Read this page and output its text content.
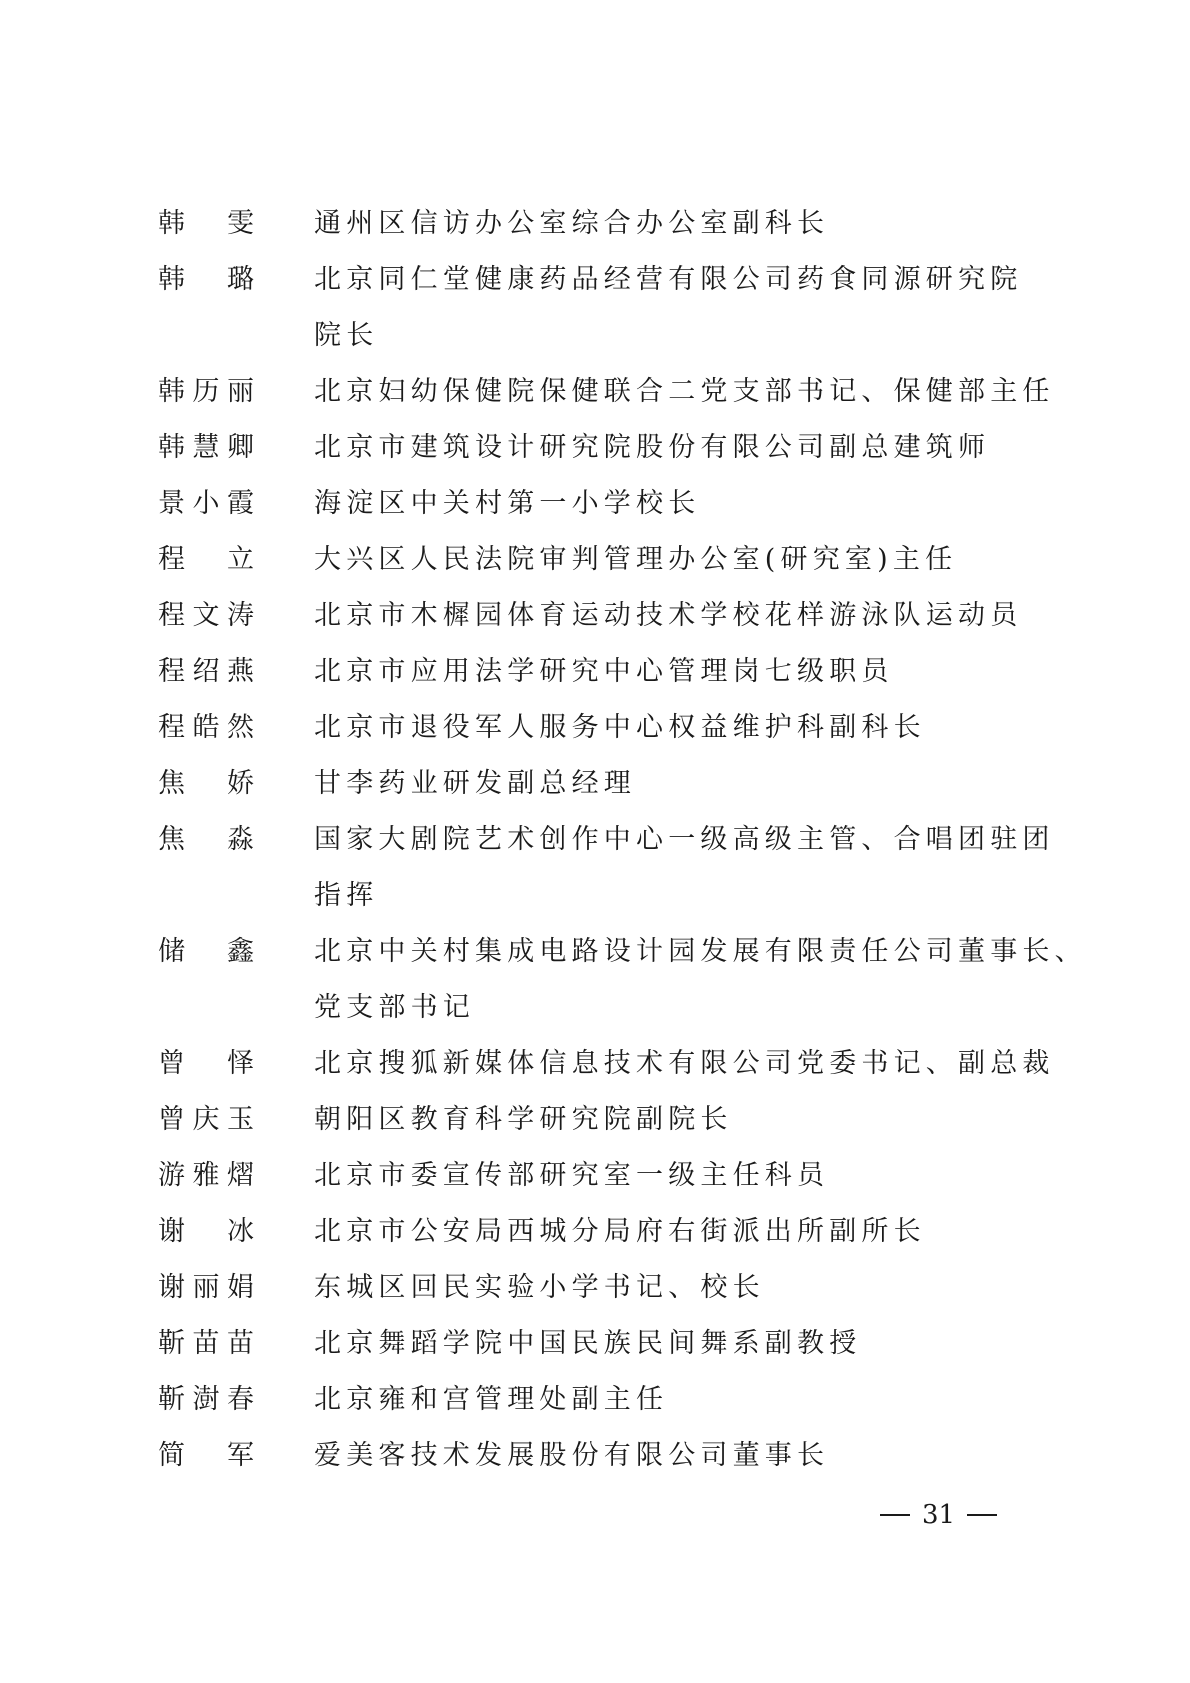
韩 雯 通州区信访办公室综合办公室副科长
韩 璐 北京同仁堂健康药品经营有限公司药食同源研究院
院长
韩 历 丽 北京妇幼保健院保健联合二党支部书记、保健部主任
韩 慧 卿 北京市建筑设计研究院股份有限公司副总建筑师
景 小 霞 海淀区中关村第一小学校长
程 立 大兴区人民法院审判管理办公室(研究室)主任
程 文 涛 北京市木樨园体育运动技术学校花样游泳队运动员
程 绍 燕 北京市应用法学研究中心管理岗七级职员
程 皓 然 北京市退役军人服务中心权益维护科副科长
焦 娇 甘李药业研发副总经理
焦 淼 国家大剧院艺术创作中心一级高级主管、合唱团驻团
指挥
储 鑫 北京中关村集成电路设计园发展有限责任公司董事长、
党支部书记
曾 怿 北京搜狐新媒体信息技术有限公司党委书记、副总裁
曾 庆 玉 朝阳区教育科学研究院副院长
游 雅 熠 北京市委宣传部研究室一级主任科员
谢 冰 北京市公安局西城分局府右街派出所副所长
谢 丽 娟 东城区回民实验小学书记、校长
靳 苗 苗 北京舞蹈学院中国民族民间舞系副教授
靳 澍 春 北京雍和宫管理处副主任
简 军 爱美客技术发展股份有限公司董事长
31
